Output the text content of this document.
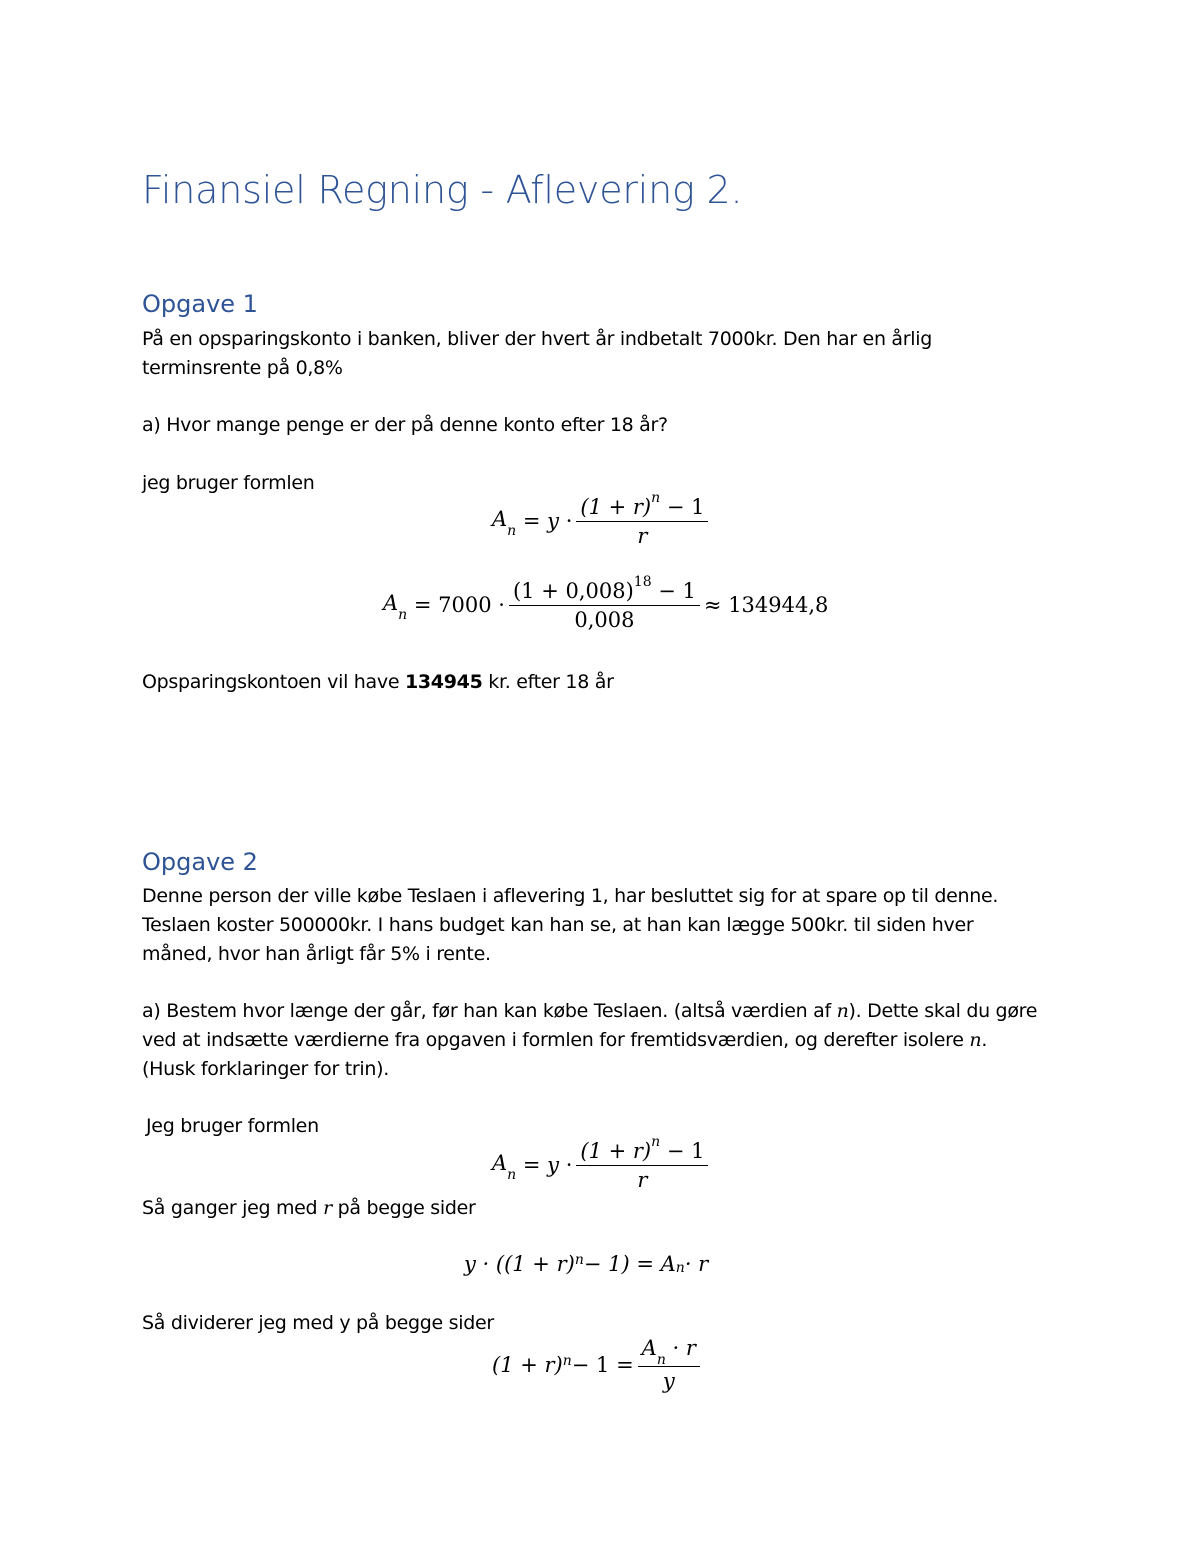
Finansiel Regning - Aflevering 2.
Opgave 1
På en opsparingskonto i banken, bliver der hvert år indbetalt 7000kr. Den har en årlig
terminsrente på 0,8%
a) Hvor mange penge er der på denne konto efter 18 år?
jeg bruger formlen
$A_n = y \cdot \frac{(1 + r)^n - 1}{r}$
$A_n = 7000 \cdot \frac{(1 + 0,008)^{18} - 1}{0,008} \approx 134944,8$
Opsparingskontoen vil have 134945 kr. efter 18 år
Opgave 2
Denne person der ville købe Teslaen i aflevering 1, har besluttet sig for at spare op til denne.
Teslaen koster 500000kr. I hans budget kan han se, at han kan lægge 500kr. til siden hver
måned, hvor han årligt får 5% i rente.
a) Bestem hvor længe der går, før han kan købe Teslaen. (altså værdien af n). Dette skal du gøre
ved at indsætte værdierne fra opgaven i formlen for fremtidsværdien, og derefter isolere n.
(Husk forklaringer for trin).
Jeg bruger formlen
$A_n = y \cdot \frac{(1 + r)^n - 1}{r}$
Så ganger jeg med r på begge sider
$y \cdot ((1 + r)^n - 1) = A_n \cdot r$
Så dividerer jeg med y på begge sider
$(1 + r)^n - 1 = \frac{A_n \cdot r}{y}$
